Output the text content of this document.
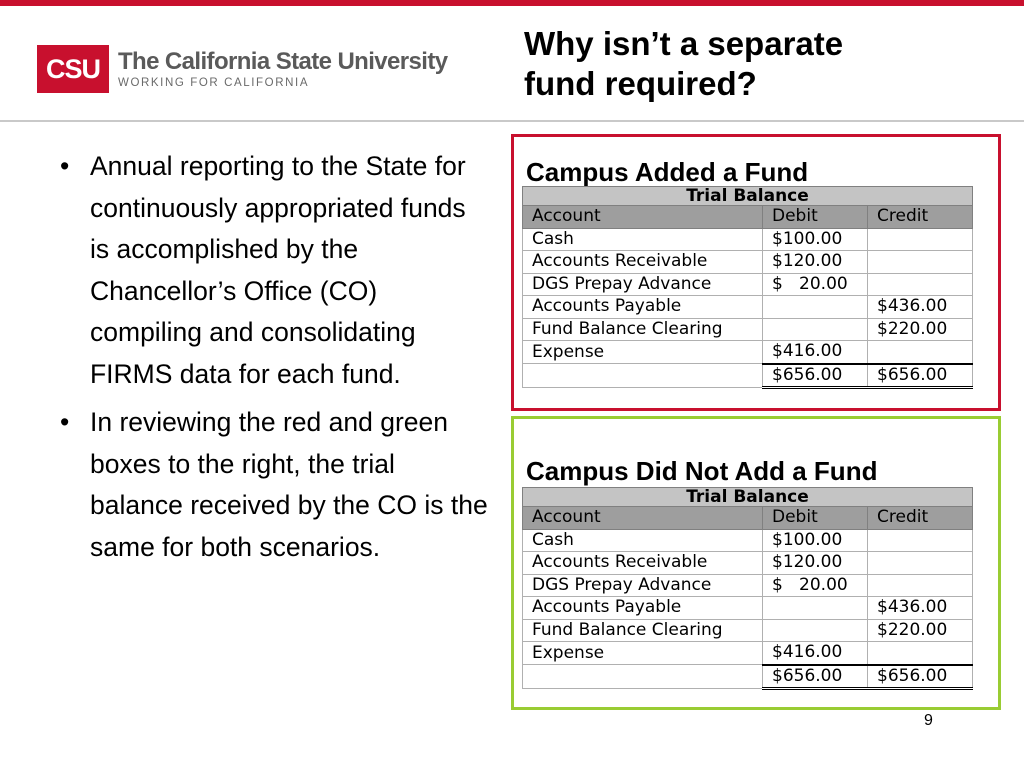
CSU The California State University
WORKING FOR CALIFORNIA
Why isn’t a separate
fund required?
• Annual reporting to the State for continuously appropriated funds is accomplished by the Chancellor’s Office (CO) compiling and consolidating FIRMS data for each fund.
• In reviewing the red and green boxes to the right, the trial balance received by the CO is the same for both scenarios.
Campus Added a Fund
Trial Balance		
Account	Debit	Credit
Cash	$100.00	
Accounts Receivable	$120.00	
DGS Prepay Advance	$   20.00	
Accounts Payable		$436.00
Fund Balance Clearing		$220.00
Expense	$416.00	
	$656.00	$656.00
Campus Did Not Add a Fund
Trial Balance		
Account	Debit	Credit
Cash	$100.00	
Accounts Receivable	$120.00	
DGS Prepay Advance	$   20.00	
Accounts Payable		$436.00
Fund Balance Clearing		$220.00
Expense	$416.00	
	$656.00	$656.00
9
